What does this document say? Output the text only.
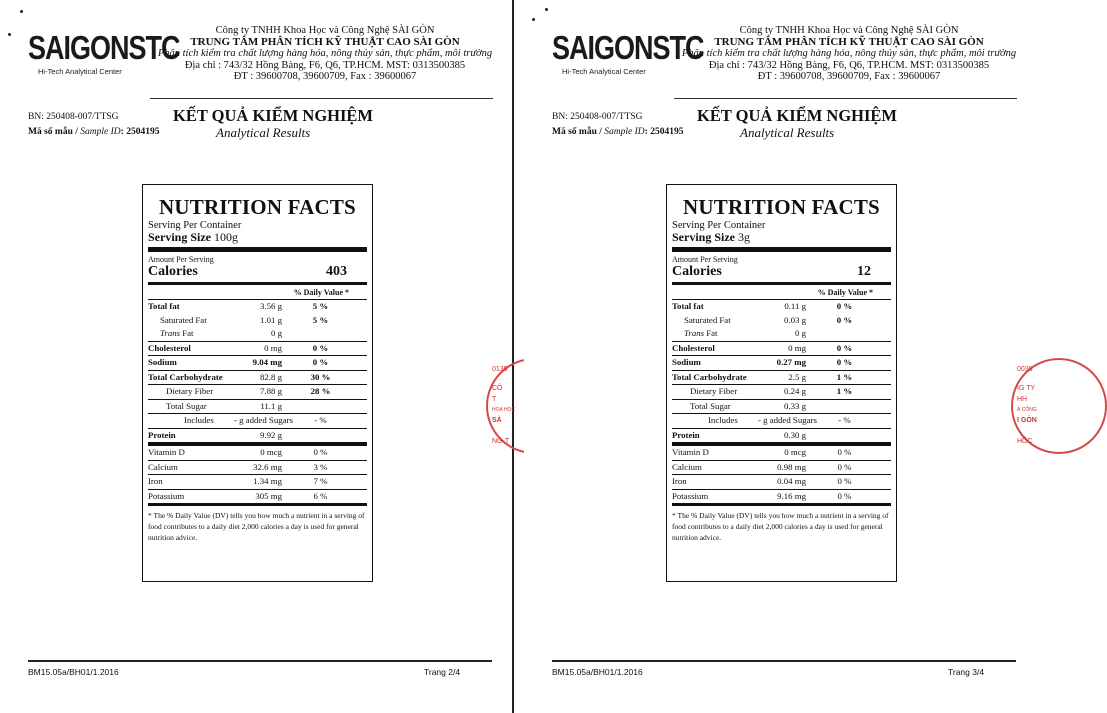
SAIGONSTC
Hi-Tech Analytical Center
Công ty TNHH Khoa Học và Công Nghệ SÀI GÒN
TRUNG TÂM PHÂN TÍCH KỸ THUẬT CAO SÀI GÒN
Phân tích kiểm tra chất lượng hàng hóa, nông thủy sản, thực phẩm, môi trường
Địa chỉ : 743/32 Hồng Bàng, F6, Q6, TP.HCM. MST: 0313500385
ĐT : 39600708, 39600709, Fax : 39600067
BN: 250408-007/TTSG
Mã số mẫu / Sample ID: 2504195
KẾT QUẢ KIỂM NGHIỆM
Analytical Results
NUTRITION FACTS
Serving Per Container
Serving Size 100g
Amount Per Serving
Calories	403
% Daily Value *
Total fat	3.56 g	5 %
Saturated Fat	1.01 g	5 %
Trans Fat	0 g
Cholesterol	0 mg	0 %
Sodium	9.04 mg	0 %
Total Carbohydrate	82.8 g	30 %
Dietary Fiber	7.88 g	28 %
Total Sugar	11.1 g
Includes - g added Sugars	- %
Protein	9.92 g
Vitamin D	0 mcg	0 %
Calcium	32.6 mg	3 %
Iron	1.34 mg	7 %
Potassium	305 mg	6 %
* The % Daily Value (DV) tells you how much a nutrient in a serving of food contributes to a daily diet 2,000 calories a day is used for general nutrition advice.
0135
CÔ
T
HOA HỌC
SÀ
NG-T
BM15.05a/BH01/1.2016	Trang 2/4
SAIGONSTC
Hi-Tech Analytical Center
Công ty TNHH Khoa Học và Công Nghệ SÀI GÒN
TRUNG TÂM PHÂN TÍCH KỸ THUẬT CAO SÀI GÒN
Phân tích kiểm tra chất lượng hàng hóa, nông thủy sản, thực phẩm, môi trường
Địa chỉ : 743/32 Hồng Bàng, F6, Q6, TP.HCM. MST: 0313500385
ĐT : 39600708, 39600709, Fax : 39600067
BN: 250408-007/TTSG
Mã số mẫu / Sample ID: 2504195
KẾT QUẢ KIỂM NGHIỆM
Analytical Results
NUTRITION FACTS
Serving Per Container
Serving Size 3g
Amount Per Serving
Calories	12
% Daily Value *
Total fat	0.11 g	0 %
Saturated Fat	0.03 g	0 %
Trans Fat	0 g
Cholesterol	0 mg	0 %
Sodium	0.27 mg	0 %
Total Carbohydrate	2.5 g	1 %
Dietary Fiber	0.24 g	1 %
Total Sugar	0.33 g
Includes - g added Sugars	- %
Protein	0.30 g
Vitamin D	0 mcg	0 %
Calcium	0.98 mg	0 %
Iron	0.04 mg	0 %
Potassium	9.16 mg	0 %
* The % Daily Value (DV) tells you how much a nutrient in a serving of food contributes to a daily diet 2,000 calories a day is used for general nutrition advice.
BM15.05a/BH01/1.2016	Trang 3/4
0038
IG TY
HH
À CÔNG
I GÒN
HỒC
